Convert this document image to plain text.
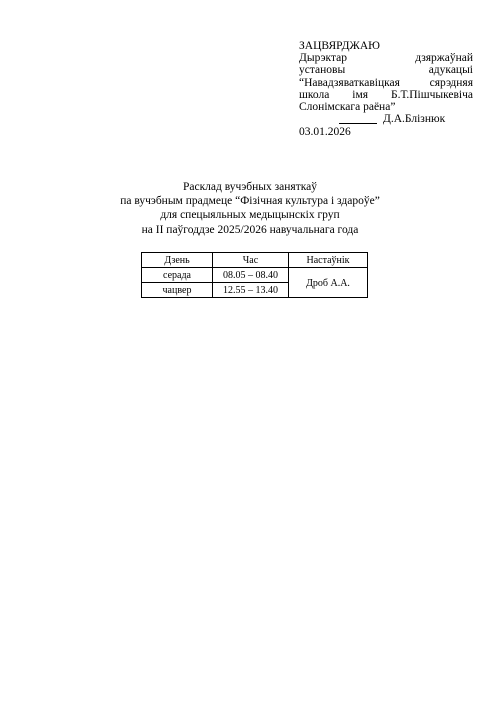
ЗАЦВЯРДЖАЮ
Дырэктар дзяржаўнай
установы адукацыі
“Навадзяваткавіцкая сярэдняя
школа імя Б.Т.Пішчыкевіча
Слонімскага раёна”
Д.А.Блізнюк
03.01.2026
Расклад вучэбных заняткаў
па вучэбным прадмеце “Фізічная культура і здароўе”
для спецыяльных медыцынскіх груп
на ІІ паўгоддзе 2025/2026 навучальнага года
Дзень	Час	Настаўнік
серада	08.05 – 08.40	Дроб А.А.
чацвер	12.55 – 13.40	
